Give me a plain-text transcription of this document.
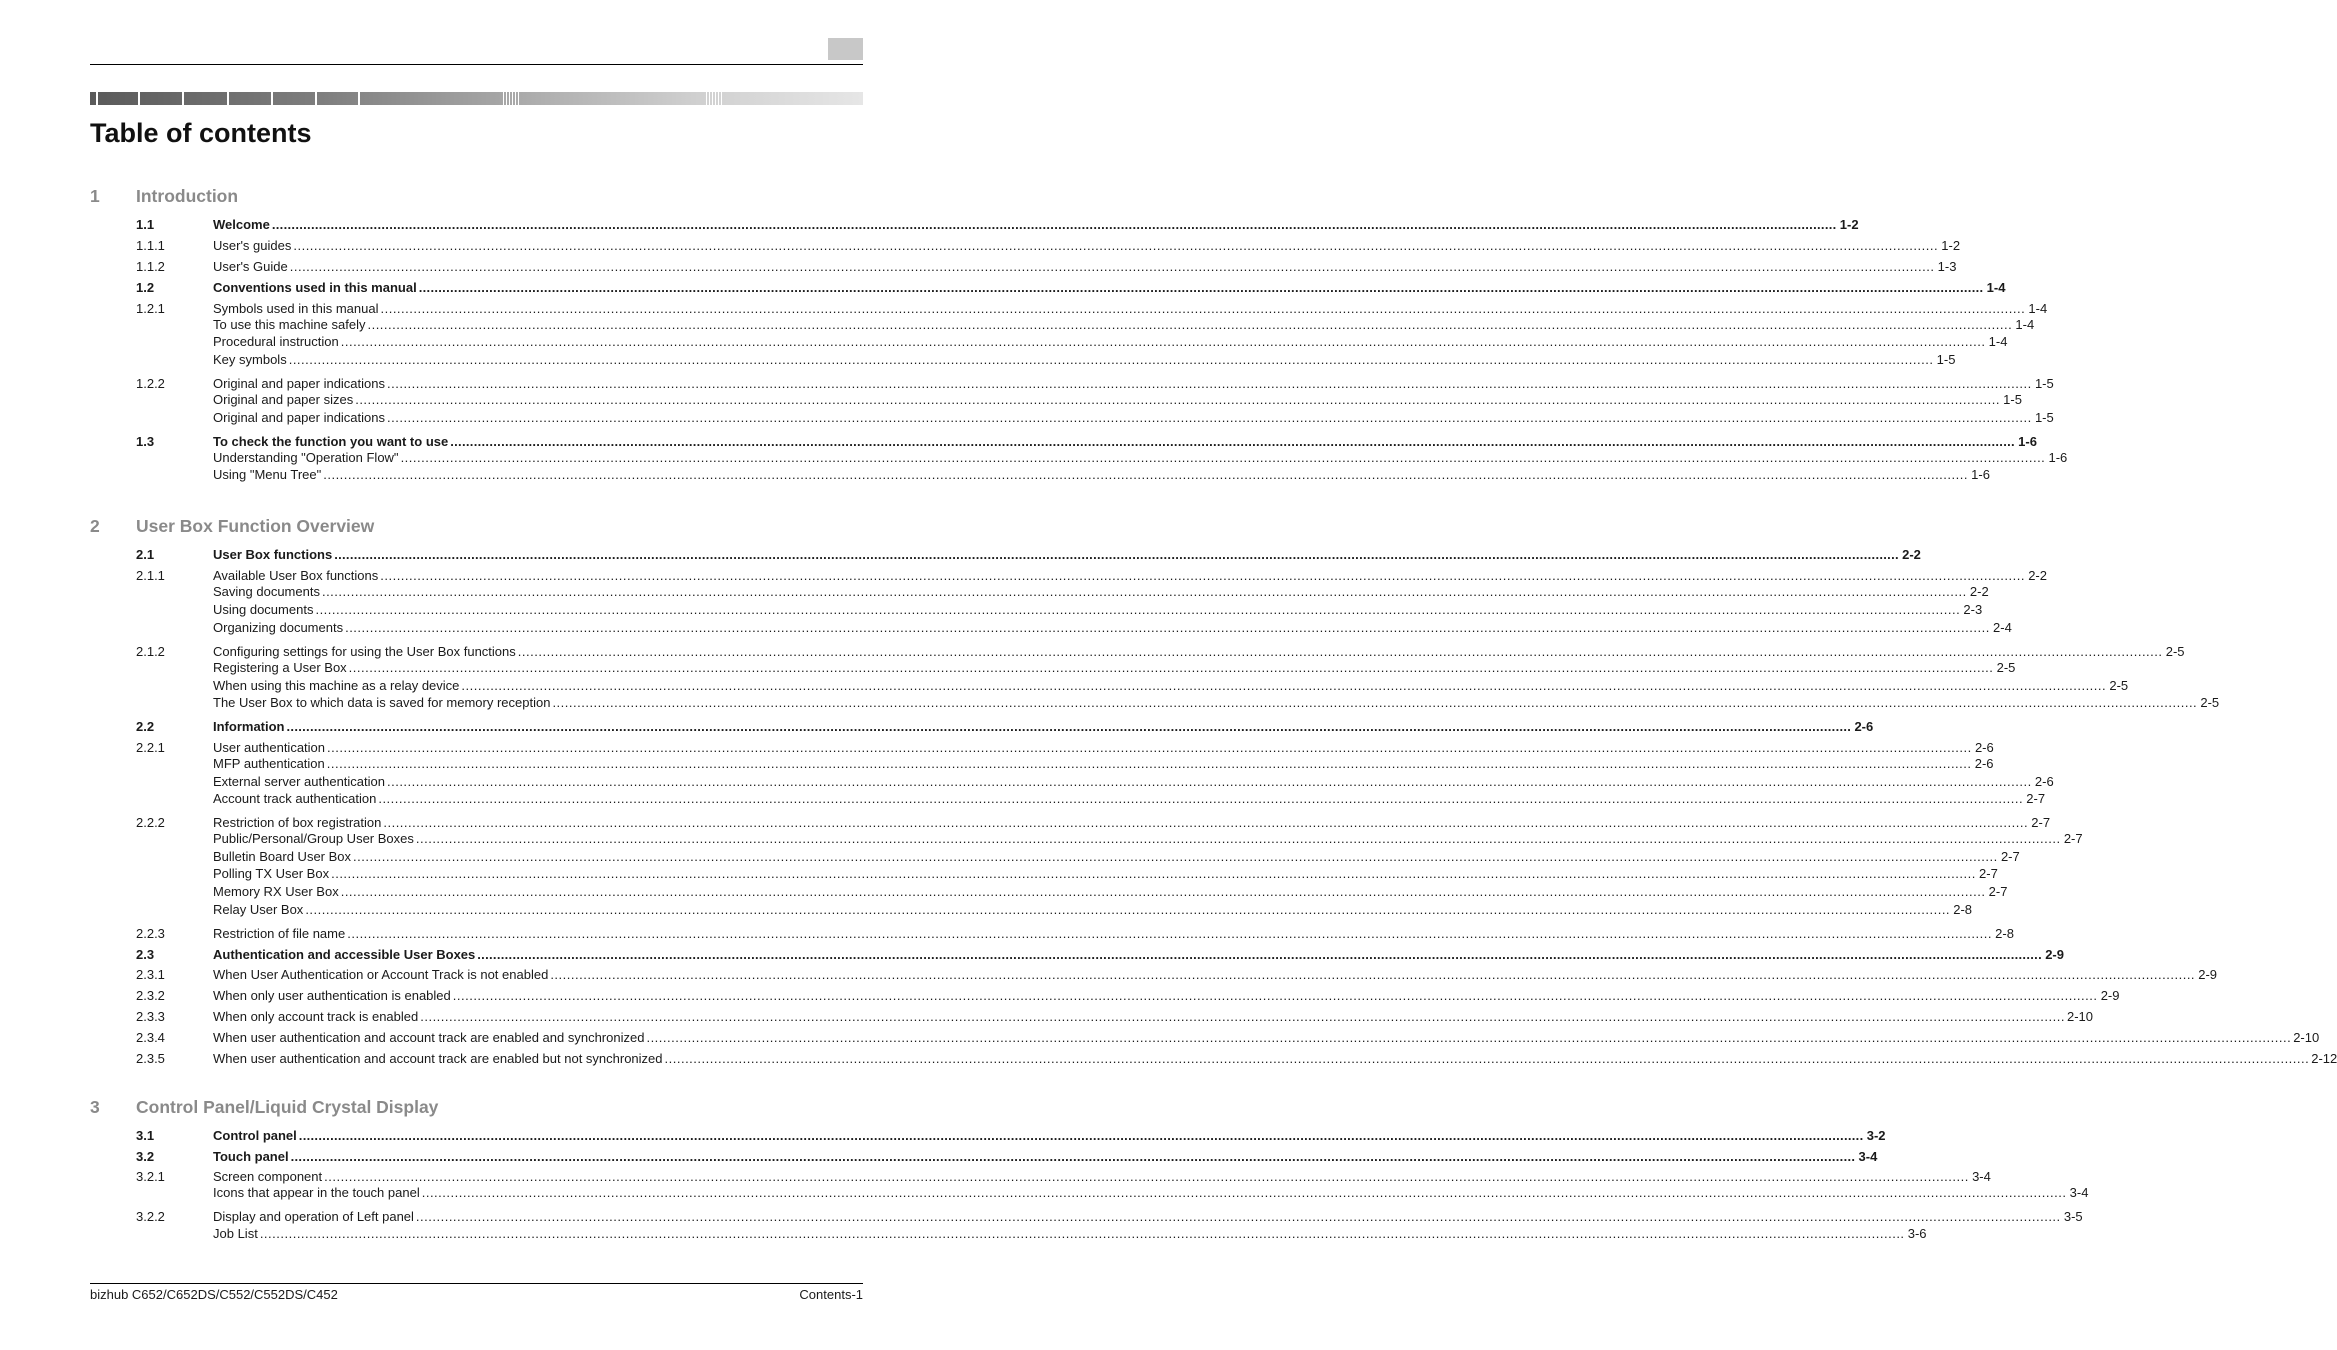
Table of contents
1 Introduction
1.1	Welcome ................................................................................................................................................................................................................................................................................................................................................................................................................ 1-2
1.1.1	User's guides ................................................................................................................................................................................................................................................................................................................................................................................................................ 1-2
1.1.2	User's Guide ................................................................................................................................................................................................................................................................................................................................................................................................................ 1-3
1.2	Conventions used in this manual ................................................................................................................................................................................................................................................................................................................................................................................................................ 1-4
1.2.1	Symbols used in this manual ................................................................................................................................................................................................................................................................................................................................................................................................................ 1-4
To use this machine safely ................................................................................................................................................................................................................................................................................................................................................................................................................ 1-4
Procedural instruction ................................................................................................................................................................................................................................................................................................................................................................................................................ 1-4
Key symbols ................................................................................................................................................................................................................................................................................................................................................................................................................ 1-5
1.2.2	Original and paper indications ................................................................................................................................................................................................................................................................................................................................................................................................................ 1-5
Original and paper sizes ................................................................................................................................................................................................................................................................................................................................................................................................................ 1-5
Original and paper indications ................................................................................................................................................................................................................................................................................................................................................................................................................ 1-5
1.3	To check the function you want to use ................................................................................................................................................................................................................................................................................................................................................................................................................ 1-6
Understanding "Operation Flow" ................................................................................................................................................................................................................................................................................................................................................................................................................ 1-6
Using "Menu Tree" ................................................................................................................................................................................................................................................................................................................................................................................................................ 1-6
2 User Box Function Overview
2.1	User Box functions ................................................................................................................................................................................................................................................................................................................................................................................................................ 2-2
2.1.1	Available User Box functions ................................................................................................................................................................................................................................................................................................................................................................................................................ 2-2
Saving documents ................................................................................................................................................................................................................................................................................................................................................................................................................ 2-2
Using documents ................................................................................................................................................................................................................................................................................................................................................................................................................ 2-3
Organizing documents ................................................................................................................................................................................................................................................................................................................................................................................................................ 2-4
2.1.2	Configuring settings for using the User Box functions ................................................................................................................................................................................................................................................................................................................................................................................................................ 2-5
Registering a User Box ................................................................................................................................................................................................................................................................................................................................................................................................................ 2-5
When using this machine as a relay device ................................................................................................................................................................................................................................................................................................................................................................................................................ 2-5
The User Box to which data is saved for memory reception ................................................................................................................................................................................................................................................................................................................................................................................................................ 2-5
2.2	Information ................................................................................................................................................................................................................................................................................................................................................................................................................ 2-6
2.2.1	User authentication ................................................................................................................................................................................................................................................................................................................................................................................................................ 2-6
MFP authentication ................................................................................................................................................................................................................................................................................................................................................................................................................ 2-6
External server authentication ................................................................................................................................................................................................................................................................................................................................................................................................................ 2-6
Account track authentication ................................................................................................................................................................................................................................................................................................................................................................................................................ 2-7
2.2.2	Restriction of box registration ................................................................................................................................................................................................................................................................................................................................................................................................................ 2-7
Public/Personal/Group User Boxes ................................................................................................................................................................................................................................................................................................................................................................................................................ 2-7
Bulletin Board User Box ................................................................................................................................................................................................................................................................................................................................................................................................................ 2-7
Polling TX User Box ................................................................................................................................................................................................................................................................................................................................................................................................................ 2-7
Memory RX User Box ................................................................................................................................................................................................................................................................................................................................................................................................................ 2-7
Relay User Box ................................................................................................................................................................................................................................................................................................................................................................................................................ 2-8
2.2.3	Restriction of file name ................................................................................................................................................................................................................................................................................................................................................................................................................ 2-8
2.3	Authentication and accessible User Boxes ................................................................................................................................................................................................................................................................................................................................................................................................................ 2-9
2.3.1	When User Authentication or Account Track is not enabled ................................................................................................................................................................................................................................................................................................................................................................................................................ 2-9
2.3.2	When only user authentication is enabled ................................................................................................................................................................................................................................................................................................................................................................................................................ 2-9
2.3.3	When only account track is enabled ................................................................................................................................................................................................................................................................................................................................................................................................................ 2-10
2.3.4	When user authentication and account track are enabled and synchronized ................................................................................................................................................................................................................................................................................................................................................................................................................ 2-10
2.3.5	When user authentication and account track are enabled but not synchronized ................................................................................................................................................................................................................................................................................................................................................................................................................ 2-12
3 Control Panel/Liquid Crystal Display
3.1	Control panel ................................................................................................................................................................................................................................................................................................................................................................................................................ 3-2
3.2	Touch panel ................................................................................................................................................................................................................................................................................................................................................................................................................ 3-4
3.2.1	Screen component ................................................................................................................................................................................................................................................................................................................................................................................................................ 3-4
Icons that appear in the touch panel ................................................................................................................................................................................................................................................................................................................................................................................................................ 3-4
3.2.2	Display and operation of Left panel ................................................................................................................................................................................................................................................................................................................................................................................................................ 3-5
Job List ................................................................................................................................................................................................................................................................................................................................................................................................................ 3-6
bizhub C652/C652DS/C552/C552DS/C452	Contents-1
